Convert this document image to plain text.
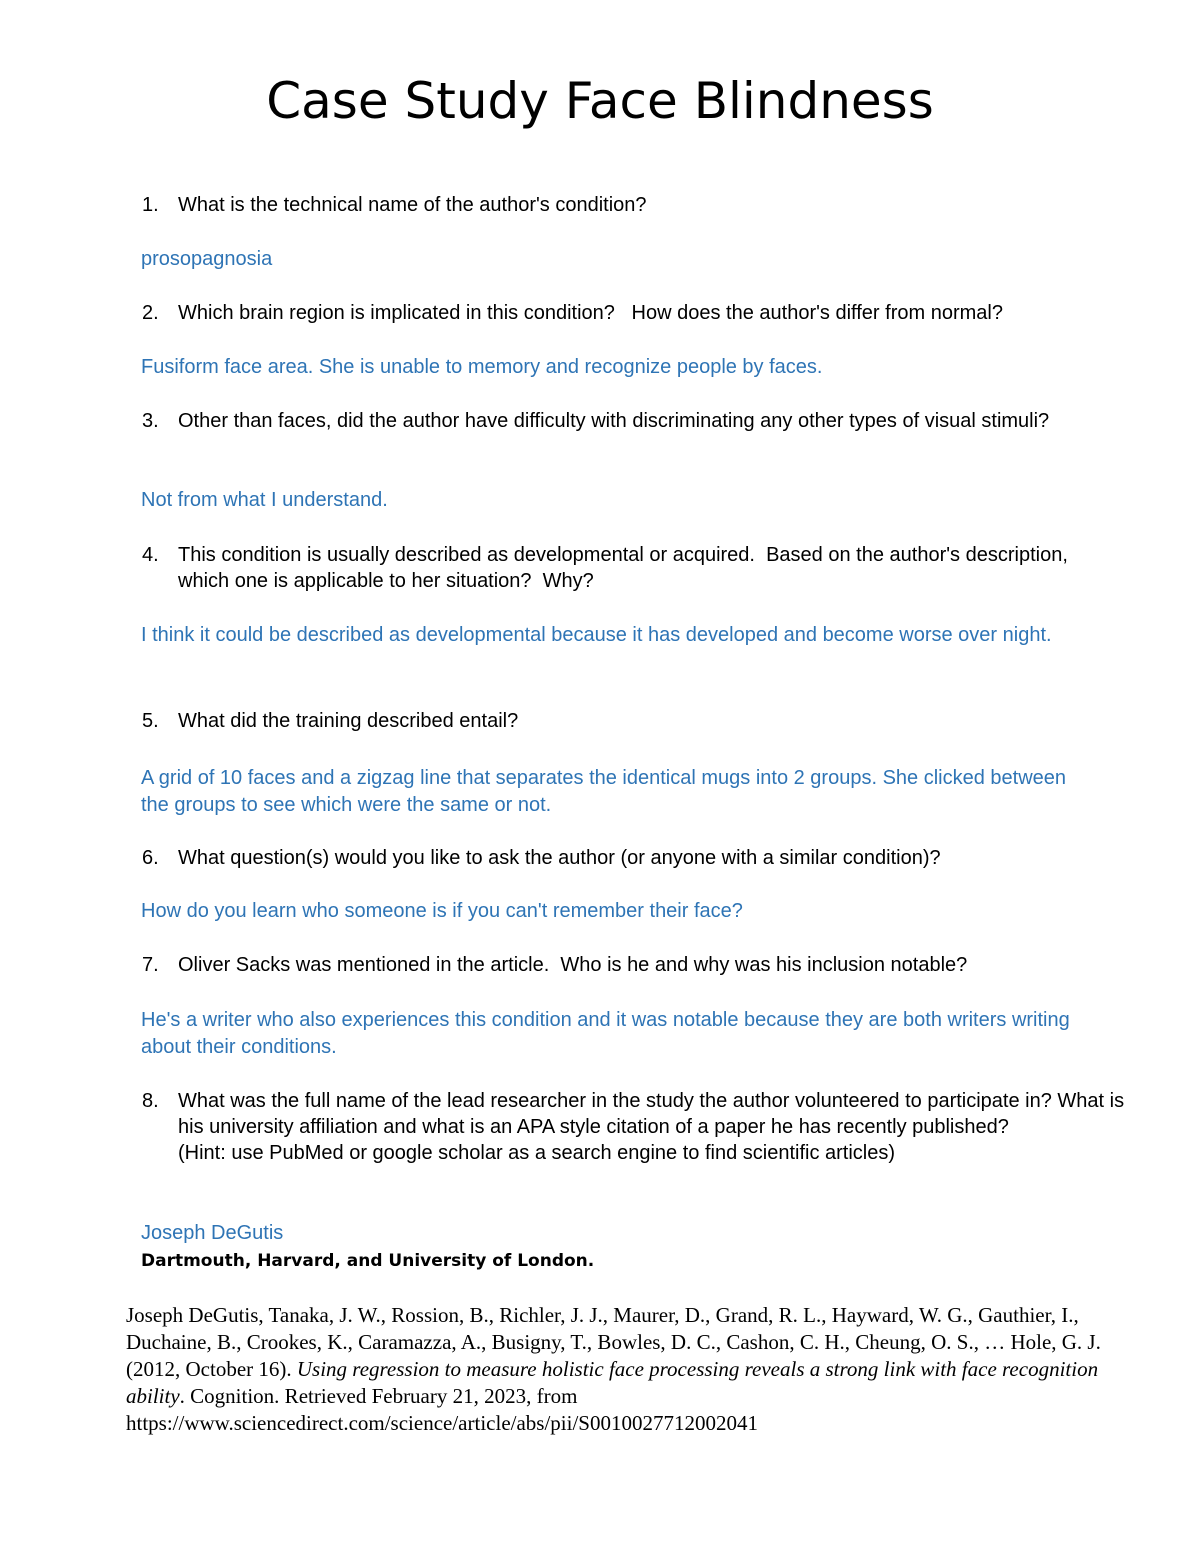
Case Study Face Blindness
1. What is the technical name of the author's condition?

prosopagnosia

2. Which brain region is implicated in this condition?   How does the author's differ from normal?

Fusiform face area. She is unable to memory and recognize people by faces.

3. Other than faces, did the author have difficulty with discriminating any other types of visual stimuli?

Not from what I understand.

4. This condition is usually described as developmental or acquired.  Based on the author's description, which one is applicable to her situation?  Why?

I think it could be described as developmental because it has developed and become worse over night.

5. What did the training described entail?

A grid of 10 faces and a zigzag line that separates the identical mugs into 2 groups. She clicked between the groups to see which were the same or not.

6. What question(s) would you like to ask the author (or anyone with a similar condition)?

How do you learn who someone is if you can't remember their face?

7. Oliver Sacks was mentioned in the article.  Who is he and why was his inclusion notable?

He's a writer who also experiences this condition and it was notable because they are both writers writing about their conditions.

8. What was the full name of the lead researcher in the study the author volunteered to participate in? What is his university affiliation and what is an APA style citation of a paper he has recently published?
(Hint: use PubMed or google scholar as a search engine to find scientific articles)

Joseph DeGutis

Dartmouth, Harvard, and University of London.

Joseph DeGutis, Tanaka, J. W., Rossion, B., Richler, J. J., Maurer, D., Grand, R. L., Hayward, W. G., Gauthier, I., Duchaine, B., Crookes, K., Caramazza, A., Busigny, T., Bowles, D. C., Cashon, C. H., Cheung, O. S., … Hole, G. J. (2012, October 16). Using regression to measure holistic face processing reveals a strong link with face recognition ability. Cognition. Retrieved February 21, 2023, from https://www.sciencedirect.com/science/article/abs/pii/S0010027712002041
